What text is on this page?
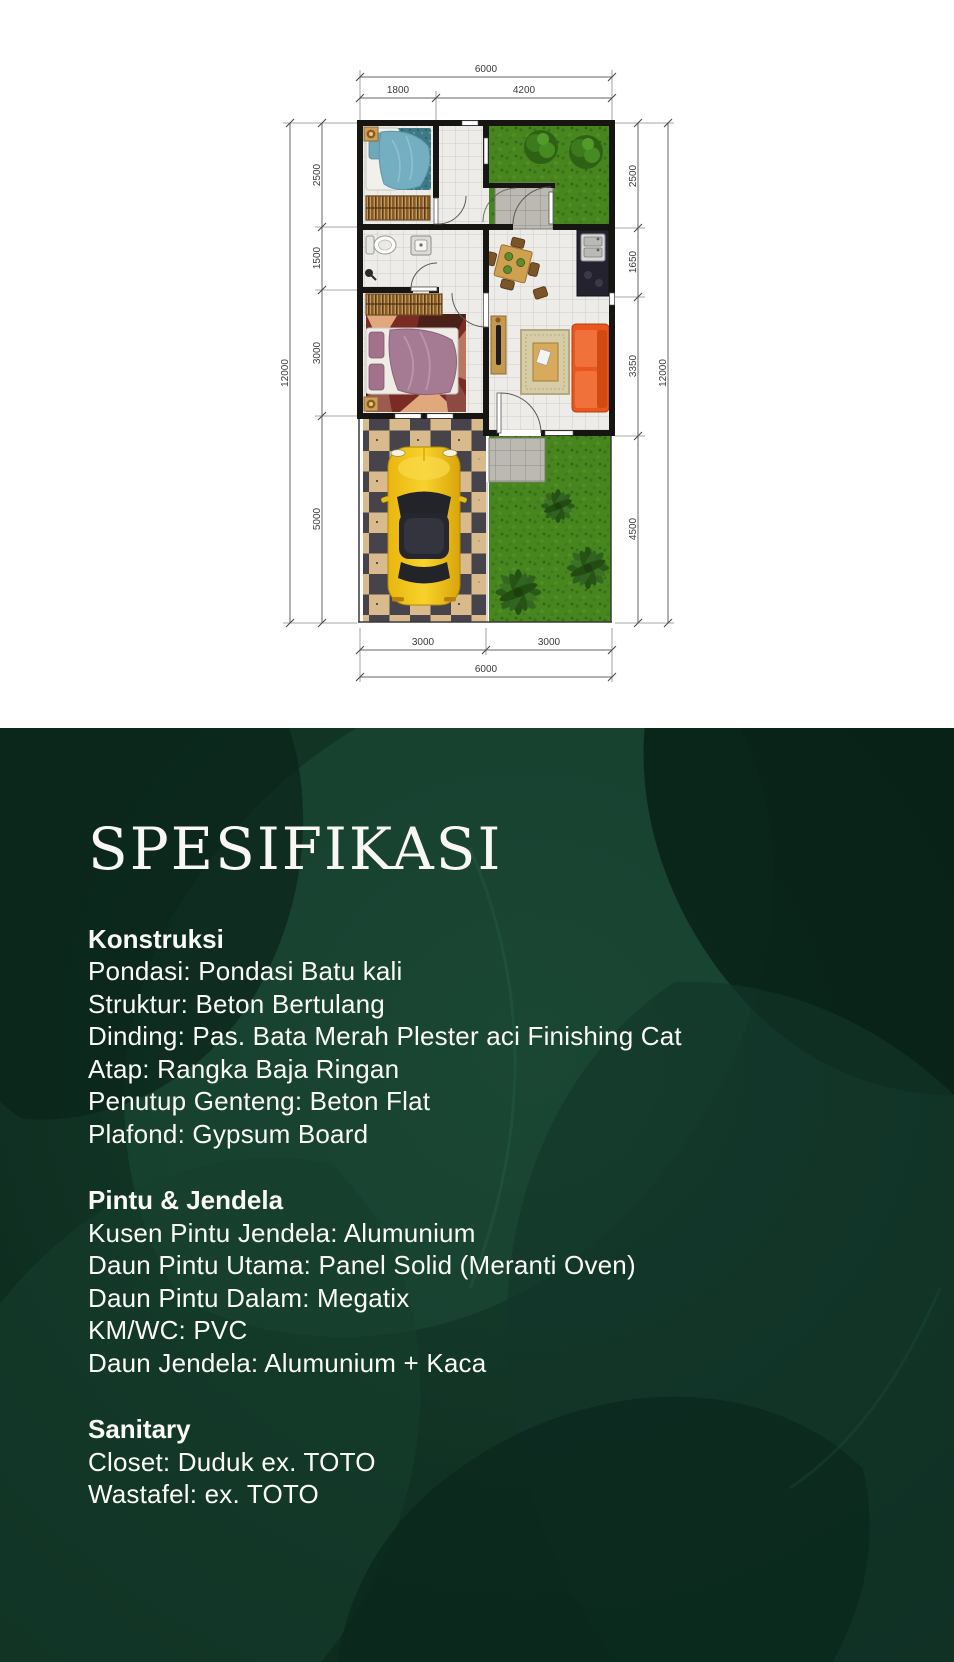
6000
1800	4200
12000
2500
1500
3000
5000
2500
1650
3350
4500
12000
3000	3000
6000
SPESIFIKASI
Konstruksi
Pondasi: Pondasi Batu kali
Struktur: Beton Bertulang
Dinding: Pas. Bata Merah Plester aci Finishing Cat
Atap: Rangka Baja Ringan
Penutup Genteng: Beton Flat
Plafond: Gypsum Board
Pintu & Jendela
Kusen Pintu Jendela: Alumunium
Daun Pintu Utama: Panel Solid (Meranti Oven)
Daun Pintu Dalam: Megatix
KM/WC: PVC
Daun Jendela: Alumunium + Kaca
Sanitary
Closet: Duduk ex. TOTO
Wastafel: ex. TOTO
